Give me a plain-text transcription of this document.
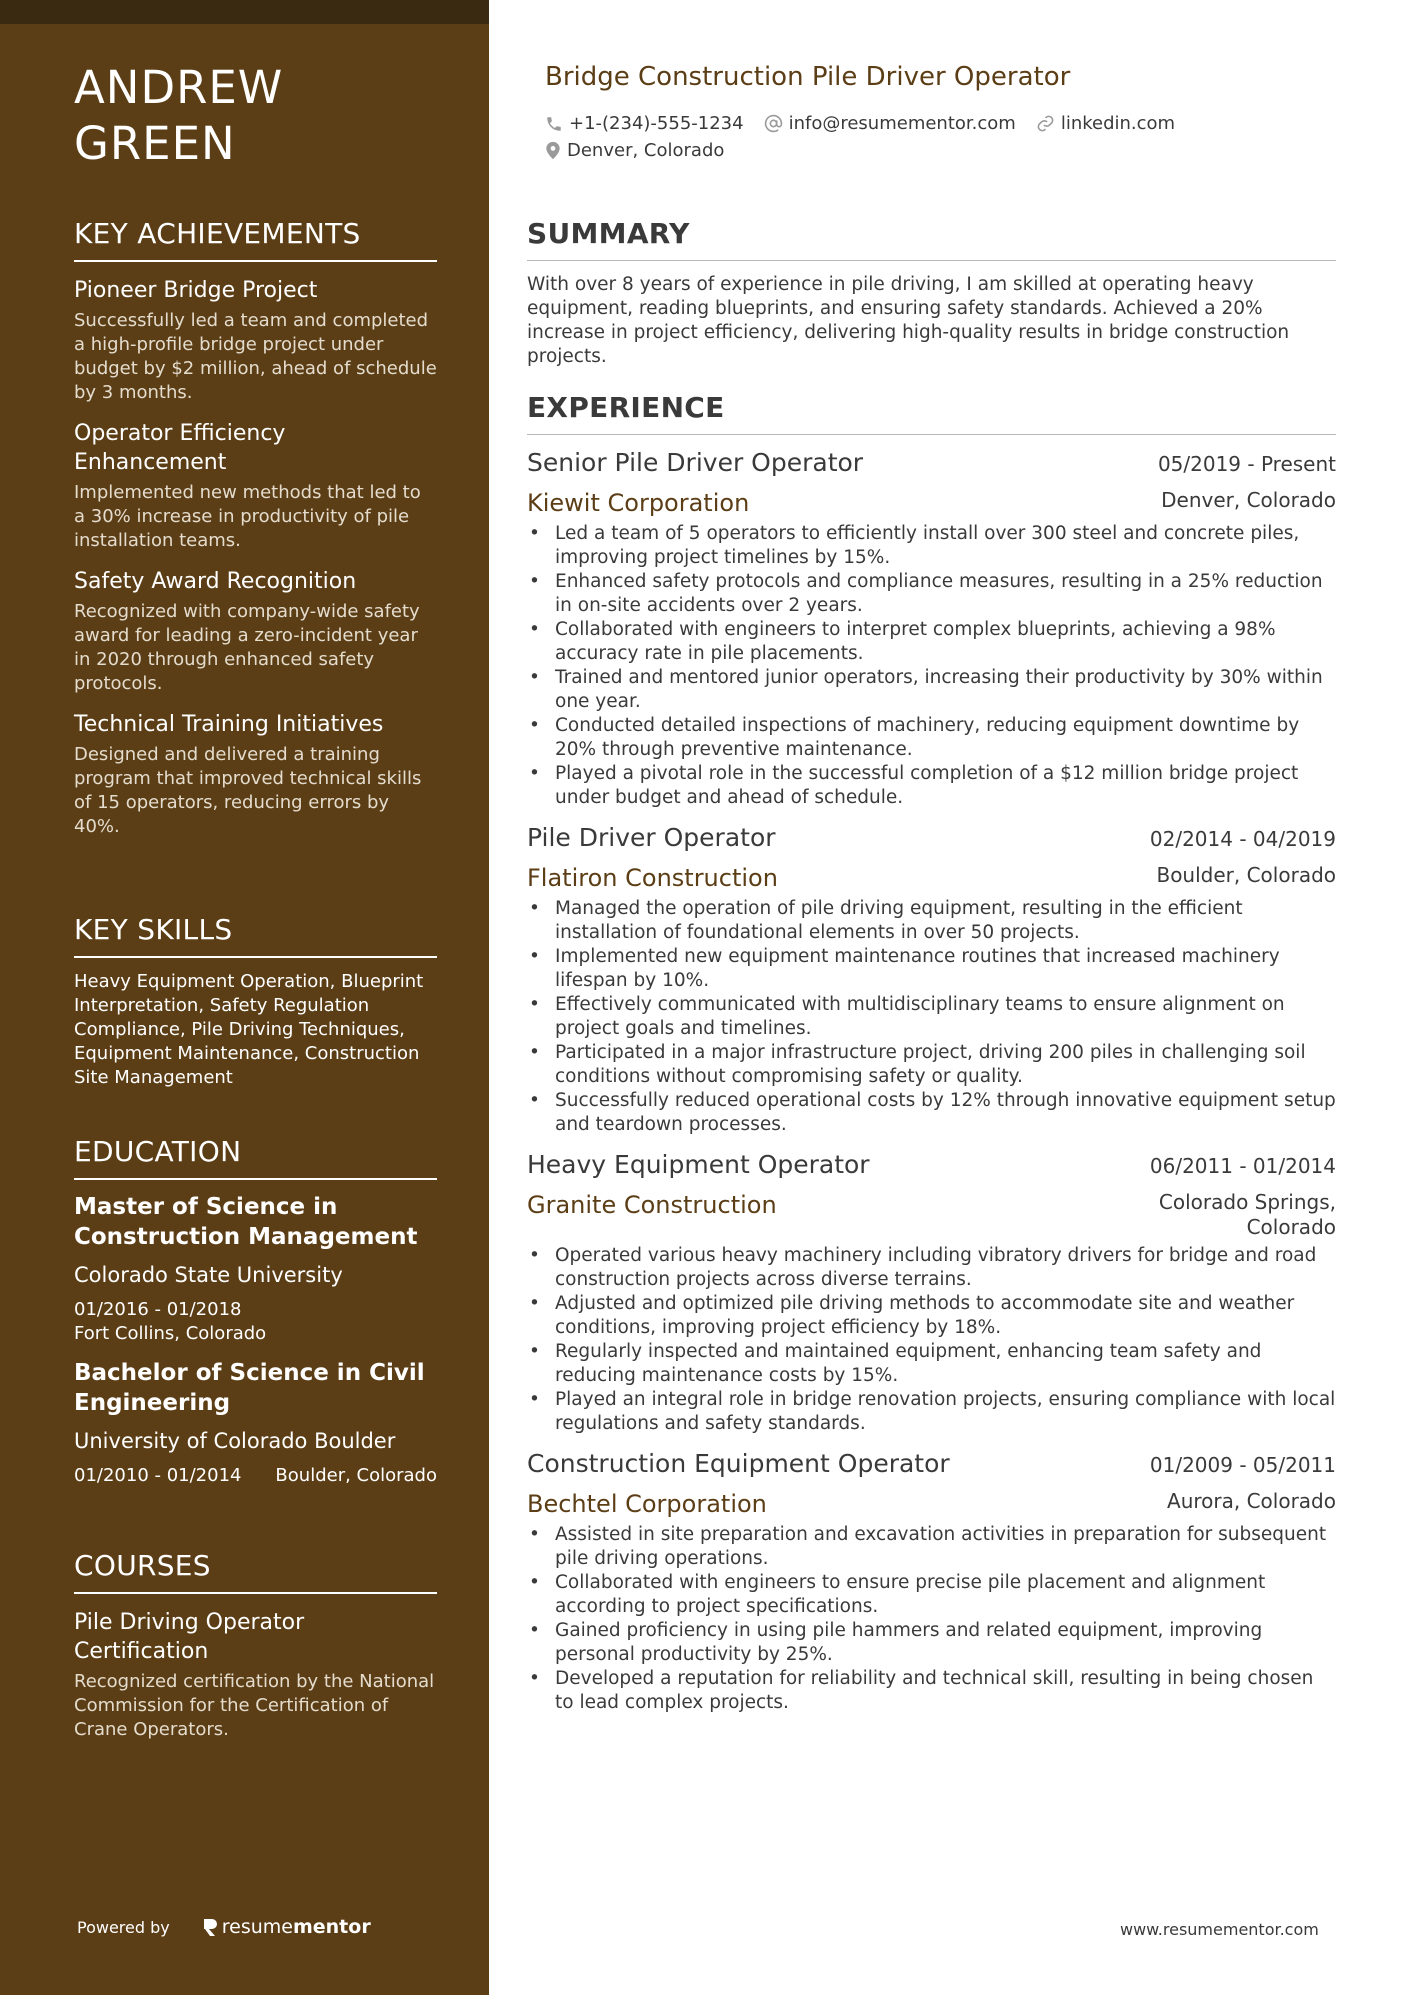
ANDREW GREEN
KEY ACHIEVEMENTS
Pioneer Bridge Project
Successfully led a team and completed a high-profile bridge project under budget by $2 million, ahead of schedule by 3 months.
Operator Efficiency Enhancement
Implemented new methods that led to a 30% increase in productivity of pile installation teams.
Safety Award Recognition
Recognized with company-wide safety award for leading a zero-incident year in 2020 through enhanced safety protocols.
Technical Training Initiatives
Designed and delivered a training program that improved technical skills of 15 operators, reducing errors by 40%.
KEY SKILLS
Heavy Equipment Operation, Blueprint Interpretation, Safety Regulation Compliance, Pile Driving Techniques, Equipment Maintenance, Construction Site Management
EDUCATION
Master of Science in Construction Management
Colorado State University
01/2016 - 01/2018
Fort Collins, Colorado
Bachelor of Science in Civil Engineering
University of Colorado Boulder
01/2010 - 01/2014 Boulder, Colorado
COURSES
Pile Driving Operator Certification
Recognized certification by the National Commission for the Certification of Crane Operators.
Powered by	resume mentor
Bridge Construction Pile Driver Operator
+1-(234)-555-1234	info@resumementor.com	linkedin.com
Denver, Colorado
SUMMARY

With over 8 years of experience in pile driving, I am skilled at operating heavy equipment, reading blueprints, and ensuring safety standards. Achieved a 20% increase in project efficiency, delivering high-quality results in bridge construction projects.

EXPERIENCE
Senior Pile Driver Operator	05/2019 - Present
Kiewit Corporation	Denver, Colorado
• Led a team of 5 operators to efficiently install over 300 steel and concrete piles, improving project timelines by 15%.
• Enhanced safety protocols and compliance measures, resulting in a 25% reduction in on-site accidents over 2 years.
• Collaborated with engineers to interpret complex blueprints, achieving a 98% accuracy rate in pile placements.
• Trained and mentored junior operators, increasing their productivity by 30% within one year.
• Conducted detailed inspections of machinery, reducing equipment downtime by 20% through preventive maintenance.
• Played a pivotal role in the successful completion of a $12 million bridge project under budget and ahead of schedule.
Pile Driver Operator	02/2014 - 04/2019
Flatiron Construction	Boulder, Colorado
• Managed the operation of pile driving equipment, resulting in the efficient installation of foundational elements in over 50 projects.
• Implemented new equipment maintenance routines that increased machinery lifespan by 10%.
• Effectively communicated with multidisciplinary teams to ensure alignment on project goals and timelines.
• Participated in a major infrastructure project, driving 200 piles in challenging soil conditions without compromising safety or quality.
• Successfully reduced operational costs by 12% through innovative equipment setup and teardown processes.
Heavy Equipment Operator	06/2011 - 01/2014
Granite Construction	Colorado Springs, Colorado
• Operated various heavy machinery including vibratory drivers for bridge and road construction projects across diverse terrains.
• Adjusted and optimized pile driving methods to accommodate site and weather conditions, improving project efficiency by 18%.
• Regularly inspected and maintained equipment, enhancing team safety and reducing maintenance costs by 15%.
• Played an integral role in bridge renovation projects, ensuring compliance with local regulations and safety standards.
Construction Equipment Operator	01/2009 - 05/2011
Bechtel Corporation	Aurora, Colorado
• Assisted in site preparation and excavation activities in preparation for subsequent pile driving operations.
• Collaborated with engineers to ensure precise pile placement and alignment according to project specifications.
• Gained proficiency in using pile hammers and related equipment, improving personal productivity by 25%.
• Developed a reputation for reliability and technical skill, resulting in being chosen to lead complex projects.
www.resumementor.com
